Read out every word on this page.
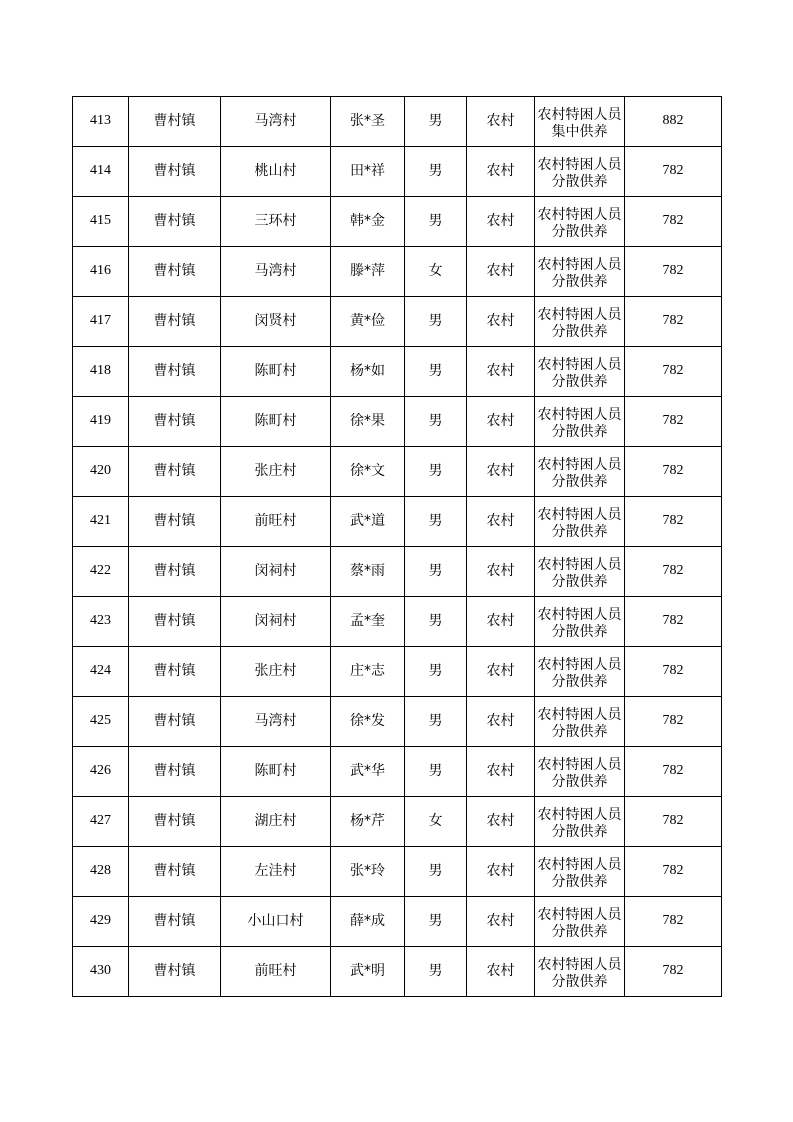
413	曹村镇	马湾村	张*圣	男	农村	农村特困人员集中供养	882
414	曹村镇	桃山村	田*祥	男	农村	农村特困人员分散供养	782
415	曹村镇	三环村	韩*金	男	农村	农村特困人员分散供养	782
416	曹村镇	马湾村	滕*萍	女	农村	农村特困人员分散供养	782
417	曹村镇	闵贤村	黄*俭	男	农村	农村特困人员分散供养	782
418	曹村镇	陈町村	杨*如	男	农村	农村特困人员分散供养	782
419	曹村镇	陈町村	徐*果	男	农村	农村特困人员分散供养	782
420	曹村镇	张庄村	徐*文	男	农村	农村特困人员分散供养	782
421	曹村镇	前旺村	武*道	男	农村	农村特困人员分散供养	782
422	曹村镇	闵祠村	蔡*雨	男	农村	农村特困人员分散供养	782
423	曹村镇	闵祠村	孟*奎	男	农村	农村特困人员分散供养	782
424	曹村镇	张庄村	庄*志	男	农村	农村特困人员分散供养	782
425	曹村镇	马湾村	徐*发	男	农村	农村特困人员分散供养	782
426	曹村镇	陈町村	武*华	男	农村	农村特困人员分散供养	782
427	曹村镇	湖庄村	杨*芹	女	农村	农村特困人员分散供养	782
428	曹村镇	左洼村	张*玲	男	农村	农村特困人员分散供养	782
429	曹村镇	小山口村	薛*成	男	农村	农村特困人员分散供养	782
430	曹村镇	前旺村	武*明	男	农村	农村特困人员分散供养	782
